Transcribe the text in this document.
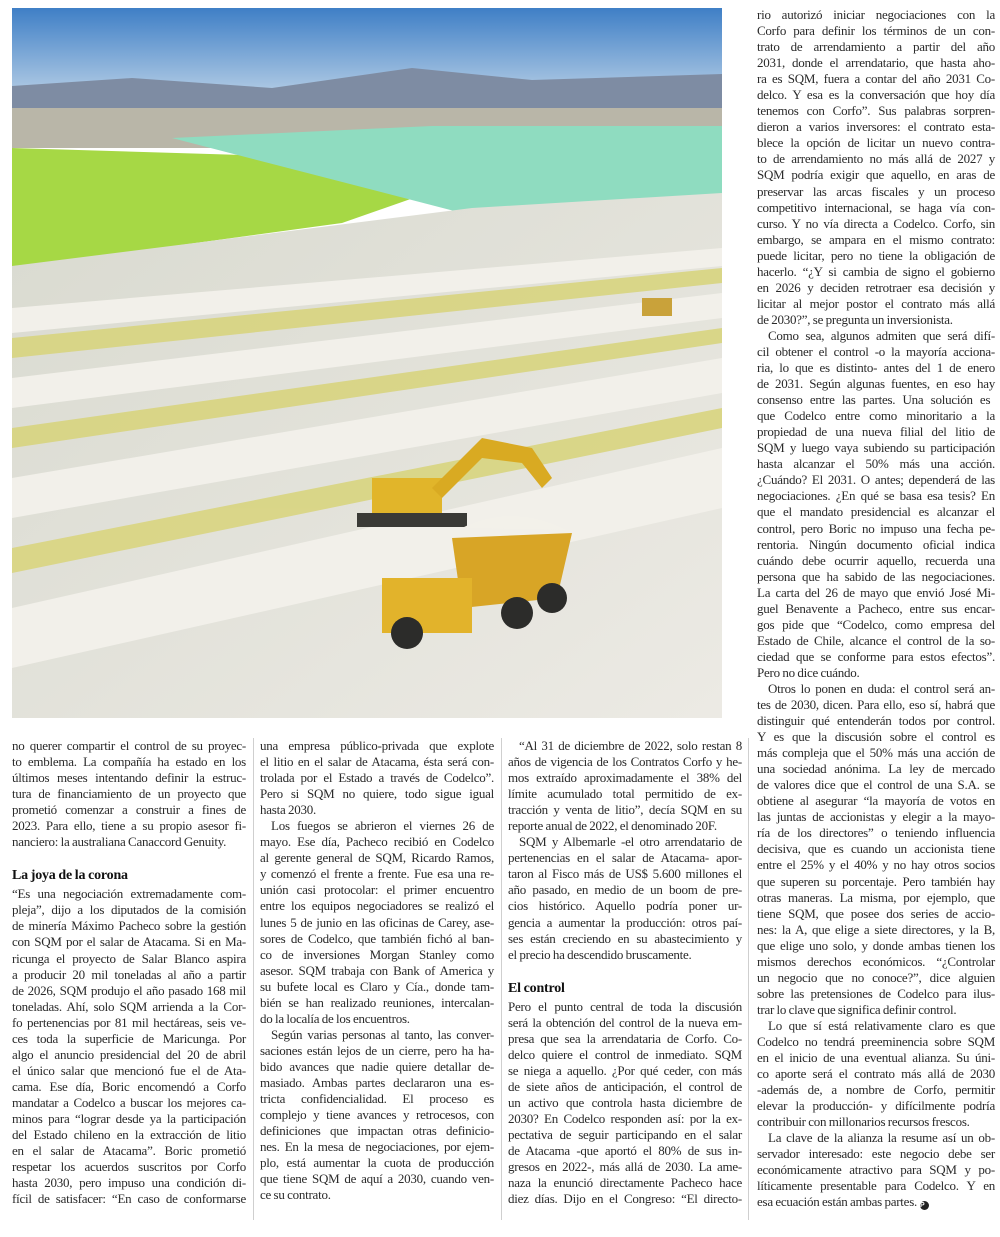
no querer compartir el control de su proyec-
to emblema. La compañía ha estado en los
últimos meses intentando definir la estruc-
tura de financiamiento de un proyecto que
prometió comenzar a construir a fines de
2023. Para ello, tiene a su propio asesor fi-
nanciero: la australiana Canaccord Genuity.
La joya de la corona
“Es una negociación extremadamente com-
pleja”, dijo a los diputados de la comisión
de minería Máximo Pacheco sobre la gestión
con SQM por el salar de Atacama. Si en Ma-
ricunga el proyecto de Salar Blanco aspira
a producir 20 mil toneladas al año a partir
de 2026, SQM produjo el año pasado 168 mil
toneladas. Ahí, solo SQM arrienda a la Cor-
fo pertenencias por 81 mil hectáreas, seis ve-
ces toda la superficie de Maricunga. Por
algo el anuncio presidencial del 20 de abril
el único salar que mencionó fue el de Ata-
cama. Ese día, Boric encomendó a Corfo
mandatar a Codelco a buscar los mejores ca-
minos para “lograr desde ya la participación
del Estado chileno en la extracción de litio
en el salar de Atacama”. Boric prometió
respetar los acuerdos suscritos por Corfo
hasta 2030, pero impuso una condición di-
fícil de satisfacer: “En caso de conformarse
una empresa público-privada que explote
el litio en el salar de Atacama, ésta será con-
trolada por el Estado a través de Codelco”.
Pero si SQM no quiere, todo sigue igual
hasta 2030.
Los fuegos se abrieron el viernes 26 de
mayo. Ese día, Pacheco recibió en Codelco
al gerente general de SQM, Ricardo Ramos,
y comenzó el frente a frente. Fue esa una re-
unión casi protocolar: el primer encuentro
entre los equipos negociadores se realizó el
lunes 5 de junio en las oficinas de Carey, ase-
sores de Codelco, que también fichó al ban-
co de inversiones Morgan Stanley como
asesor. SQM trabaja con Bank of America y
su bufete local es Claro y Cía., donde tam-
bién se han realizado reuniones, intercalan-
do la localía de los encuentros.
Según varias personas al tanto, las conver-
saciones están lejos de un cierre, pero ha ha-
bido avances que nadie quiere detallar de-
masiado. Ambas partes declararon una es-
tricta confidencialidad. El proceso es
complejo y tiene avances y retrocesos, con
definiciones que impactan otras definicio-
nes. En la mesa de negociaciones, por ejem-
plo, está aumentar la cuota de producción
que tiene SQM de aquí a 2030, cuando ven-
ce su contrato.
“Al 31 de diciembre de 2022, solo restan 8
años de vigencia de los Contratos Corfo y he-
mos extraído aproximadamente el 38% del
límite acumulado total permitido de ex-
tracción y venta de litio”, decía SQM en su
reporte anual de 2022, el denominado 20F.
SQM y Albemarle -el otro arrendatario de
pertenencias en el salar de Atacama- apor-
taron al Fisco más de US$ 5.600 millones el
año pasado, en medio de un boom de pre-
cios histórico. Aquello podría poner ur-
gencia a aumentar la producción: otros paí-
ses están creciendo en su abastecimiento y
el precio ha descendido bruscamente.
El control
Pero el punto central de toda la discusión
será la obtención del control de la nueva em-
presa que sea la arrendataria de Corfo. Co-
delco quiere el control de inmediato. SQM
se niega a aquello. ¿Por qué ceder, con más
de siete años de anticipación, el control de
un activo que controla hasta diciembre de
2030? En Codelco responden así: por la ex-
pectativa de seguir participando en el salar
de Atacama -que aportó el 80% de sus in-
gresos en 2022-, más allá de 2030. La ame-
naza la enunció directamente Pacheco hace
diez días. Dijo en el Congreso: “El directo-
rio autorizó iniciar negociaciones con la
Corfo para definir los términos de un con-
trato de arrendamiento a partir del año
2031, donde el arrendatario, que hasta aho-
ra es SQM, fuera a contar del año 2031 Co-
delco. Y esa es la conversación que hoy día
tenemos con Corfo”. Sus palabras sorpren-
dieron a varios inversores: el contrato esta-
blece la opción de licitar un nuevo contra-
to de arrendamiento no más allá de 2027 y
SQM podría exigir que aquello, en aras de
preservar las arcas fiscales y un proceso
competitivo internacional, se haga vía con-
curso. Y no vía directa a Codelco. Corfo, sin
embargo, se ampara en el mismo contrato:
puede licitar, pero no tiene la obligación de
hacerlo. “¿Y si cambia de signo el gobierno
en 2026 y deciden retrotraer esa decisión y
licitar al mejor postor el contrato más allá
de 2030?”, se pregunta un inversionista.
Como sea, algunos admiten que será difí-
cil obtener el control -o la mayoría acciona-
ria, lo que es distinto- antes del 1 de enero
de 2031. Según algunas fuentes, en eso hay
consenso entre las partes. Una solución es
que Codelco entre como minoritario a la
propiedad de una nueva filial del litio de
SQM y luego vaya subiendo su participación
hasta alcanzar el 50% más una acción.
¿Cuándo? El 2031. O antes; dependerá de las
negociaciones. ¿En qué se basa esa tesis? En
que el mandato presidencial es alcanzar el
control, pero Boric no impuso una fecha pe-
rentoria. Ningún documento oficial indica
cuándo debe ocurrir aquello, recuerda una
persona que ha sabido de las negociaciones.
La carta del 26 de mayo que envió José Mi-
guel Benavente a Pacheco, entre sus encar-
gos pide que “Codelco, como empresa del
Estado de Chile, alcance el control de la so-
ciedad que se conforme para estos efectos”.
Pero no dice cuándo.
Otros lo ponen en duda: el control será an-
tes de 2030, dicen. Para ello, eso sí, habrá que
distinguir qué entenderán todos por control.
Y es que la discusión sobre el control es
más compleja que el 50% más una acción de
una sociedad anónima. La ley de mercado
de valores dice que el control de una S.A. se
obtiene al asegurar “la mayoría de votos en
las juntas de accionistas y elegir a la mayo-
ría de los directores” o teniendo influencia
decisiva, que es cuando un accionista tiene
entre el 25% y el 40% y no hay otros socios
que superen su porcentaje. Pero también hay
otras maneras. La misma, por ejemplo, que
tiene SQM, que posee dos series de accio-
nes: la A, que elige a siete directores, y la B,
que elige uno solo, y donde ambas tienen los
mismos derechos económicos. “¿Controlar
un negocio que no conoce?”, dice alguien
sobre las pretensiones de Codelco para ilus-
trar lo clave que significa definir control.
Lo que sí está relativamente claro es que
Codelco no tendrá preeminencia sobre SQM
en el inicio de una eventual alianza. Su úni-
co aporte será el contrato más allá de 2030
-además de, a nombre de Corfo, permitir
elevar la producción- y difícilmente podría
contribuir con millonarios recursos frescos.
La clave de la alianza la resume así un ob-
servador interesado: este negocio debe ser
económicamente atractivo para SQM y po-
líticamente presentable para Codelco. Y en
esa ecuación están ambas partes. P
